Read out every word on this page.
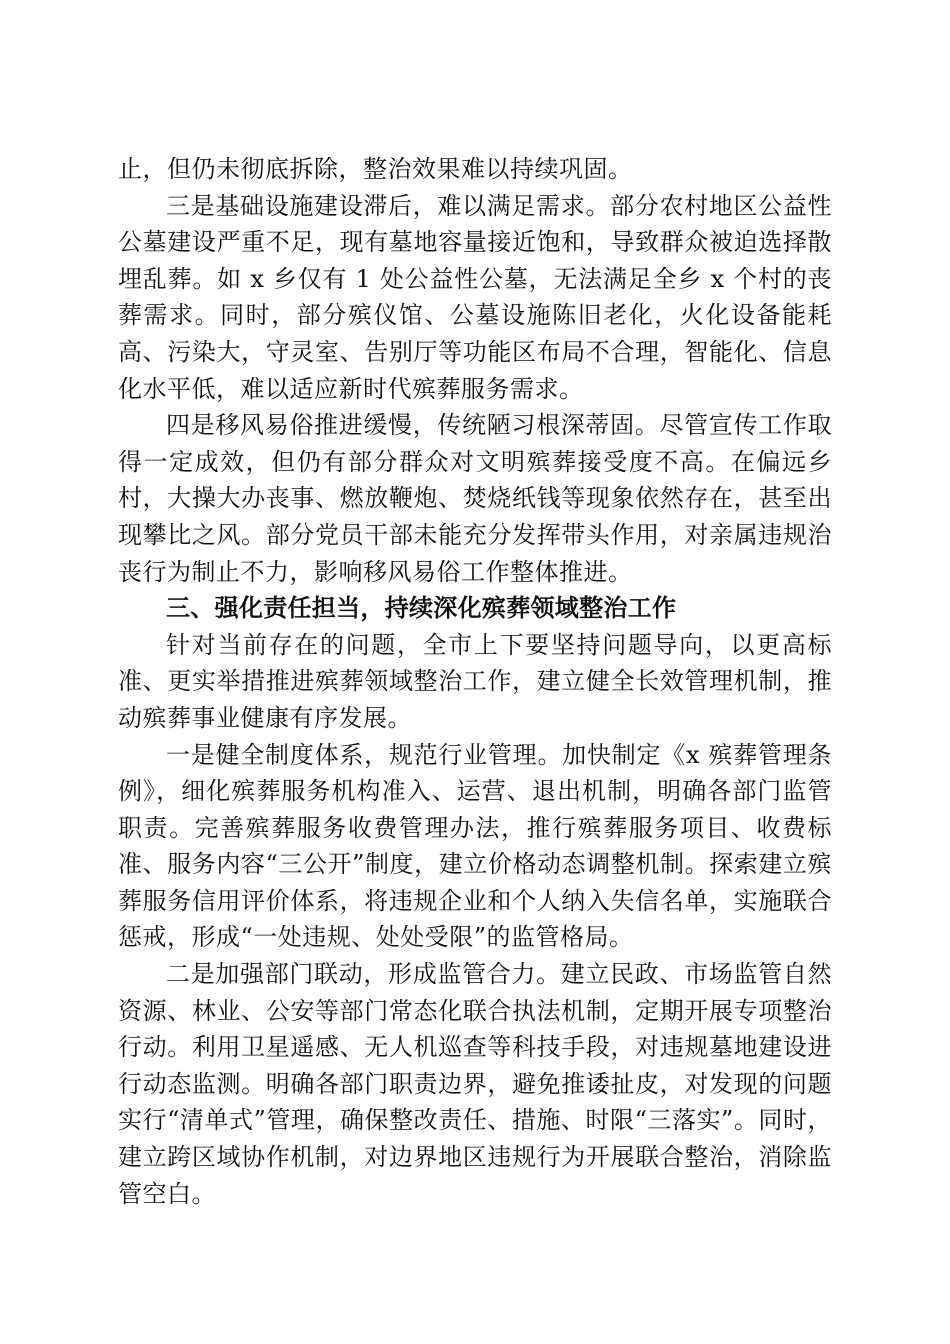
止，但仍未彻底拆除，整治效果难以持续巩固。

三是基础设施建设滞后，难以满足需求。部分农村地区公益性公墓建设严重不足，现有墓地容量接近饱和，导致群众被迫选择散埋乱葬。如 x 乡仅有 1 处公益性公墓，无法满足全乡 x 个村的丧葬需求。同时，部分殡仪馆、公墓设施陈旧老化，火化设备能耗高、污染大，守灵室、告别厅等功能区布局不合理，智能化、信息化水平低，难以适应新时代殡葬服务需求。

四是移风易俗推进缓慢，传统陋习根深蒂固。尽管宣传工作取得一定成效，但仍有部分群众对文明殡葬接受度不高。在偏远乡村，大操大办丧事、燃放鞭炮、焚烧纸钱等现象依然存在，甚至出现攀比之风。部分党员干部未能充分发挥带头作用，对亲属违规治丧行为制止不力，影响移风易俗工作整体推进。

三、强化责任担当，持续深化殡葬领域整治工作

针对当前存在的问题，全市上下要坚持问题导向，以更高标准、更实举措推进殡葬领域整治工作，建立健全长效管理机制，推动殡葬事业健康有序发展。

一是健全制度体系，规范行业管理。加快制定《x 殡葬管理条例》，细化殡葬服务机构准入、运营、退出机制，明确各部门监管职责。完善殡葬服务收费管理办法，推行殡葬服务项目、收费标准、服务内容“三公开”制度，建立价格动态调整机制。探索建立殡葬服务信用评价体系，将违规企业和个人纳入失信名单，实施联合惩戒，形成“一处违规、处处受限”的监管格局。

二是加强部门联动，形成监管合力。建立民政、市场监管自然资源、林业、公安等部门常态化联合执法机制，定期开展专项整治行动。利用卫星遥感、无人机巡查等科技手段，对违规墓地建设进行动态监测。明确各部门职责边界，避免推诿扯皮，对发现的问题实行“清单式”管理，确保整改责任、措施、时限“三落实”。同时，建立跨区域协作机制，对边界地区违规行为开展联合整治，消除监管空白。
